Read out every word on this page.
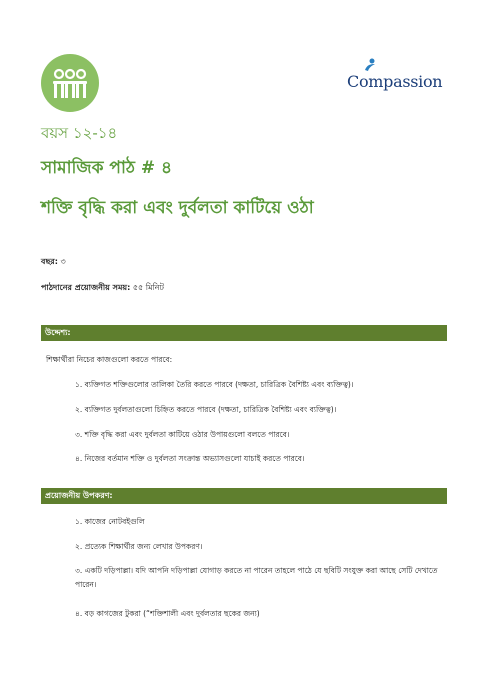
Compassion
বয়স ১২-১৪
সামাজিক পাঠ # ৪
শক্তি বৃদ্ধি করা এবং দুর্বলতা কাটিয়ে ওঠা
বছর: ৩
পাঠদানের প্রয়োজনীয় সময়: ৫৫ মিনিট
উদ্দেশ্য:
শিক্ষার্থীরা নিচের কাজগুলো করতে পারবে:
১. ব্যক্তিগত শক্তিগুলোর তালিকা তৈরি করতে পারবে (দক্ষতা, চারিত্রিক বৈশিষ্ট্য এবং ব্যক্তিত্ব)।
২. ব্যক্তিগত দুর্বলতাগুলো চিহ্নিত করতে পারবে (দক্ষতা, চারিত্রিক বৈশিষ্ট্য এবং ব্যক্তিত্ব)।
৩. শক্তি বৃদ্ধি করা এবং দুর্বলতা কাটিয়ে ওঠার উপায়গুলো বলতে পারবে।
৪. নিজের বর্তমান শক্তি ও দুর্বলতা সংক্রান্ত অভ্যাসগুলো যাচাই করতে পারবে।
প্রয়োজনীয় উপকরণ:
১. কাজের নোটবইগুলি
২. প্রত্যেক শিক্ষার্থীর জন্য লেখার উপকরণ।
৩. একটি দড়িপাল্লা। যদি আপনি দড়িপাল্লা যোগাড় করতে না পারেন তাহলে পাঠে যে ছবিটি সংযুক্ত করা আছে সেটি দেখাতে পারেন।
৪. বড় কাগজের টুকরা (“শক্তিশালী এবং দুর্বলতার ছকের জন্য)
